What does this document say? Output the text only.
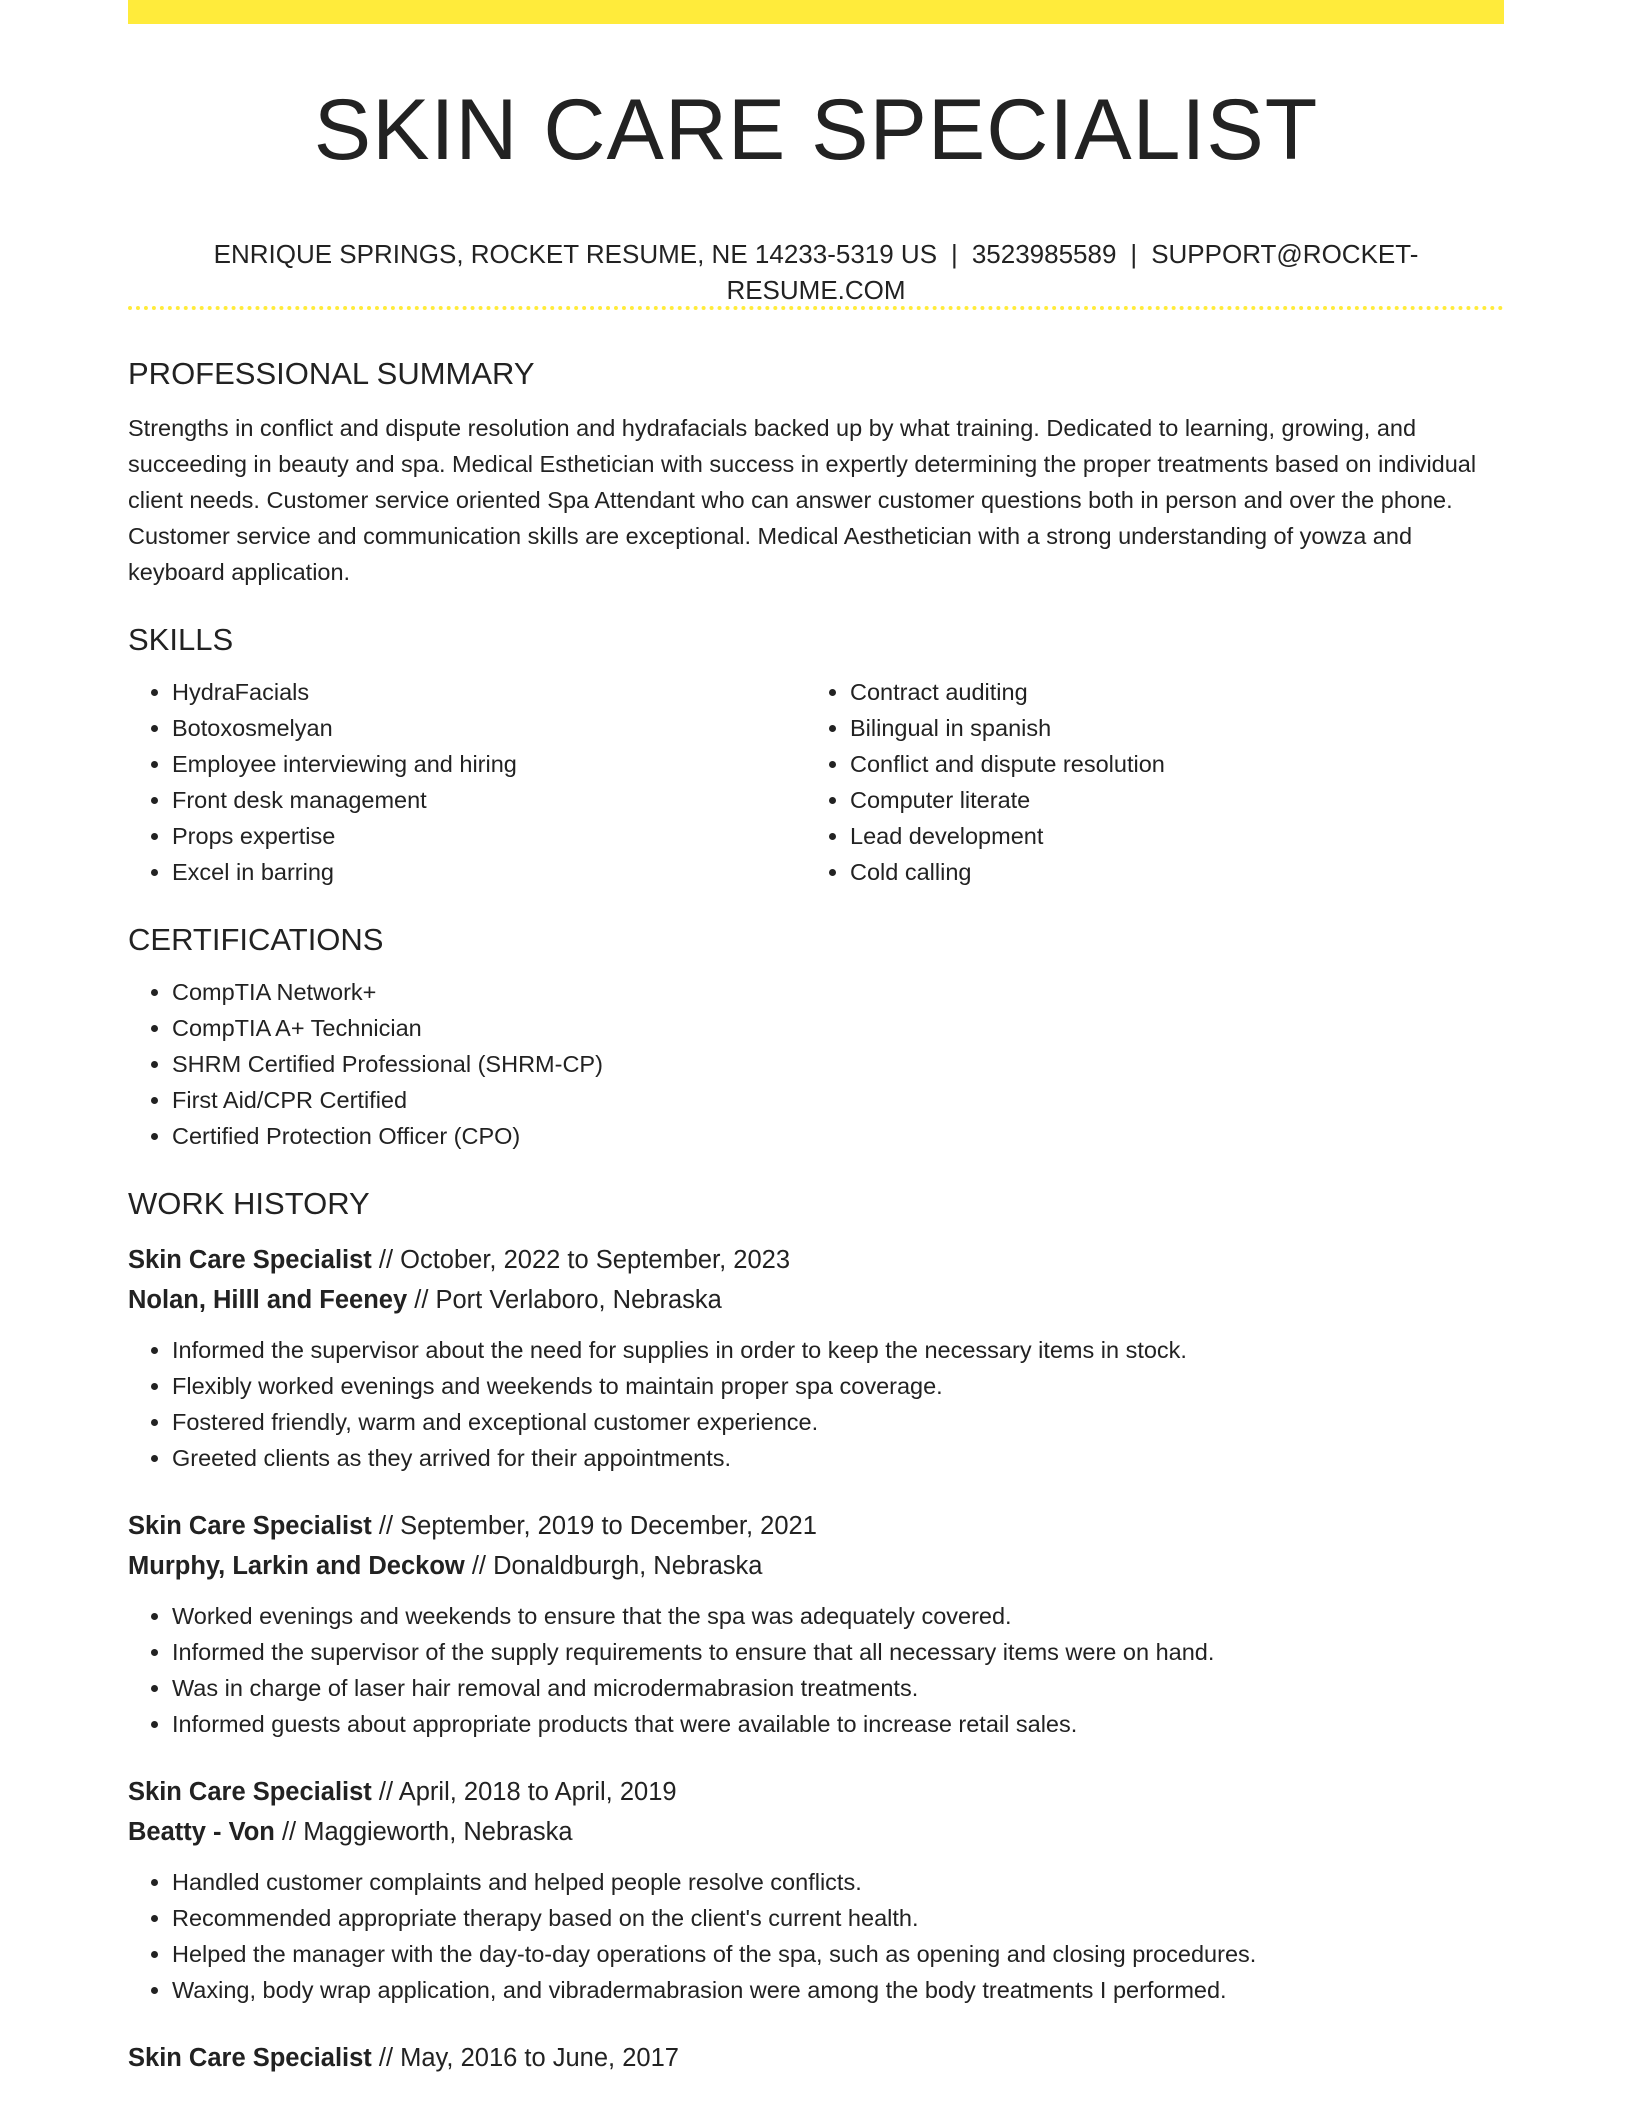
SKIN CARE SPECIALIST
ENRIQUE SPRINGS, ROCKET RESUME, NE 14233-5319 US | 3523985589 | SUPPORT@ROCKET-RESUME.COM
PROFESSIONAL SUMMARY

Strengths in conflict and dispute resolution and hydrafacials backed up by what training. Dedicated to learning, growing, and succeeding in beauty and spa. Medical Esthetician with success in expertly determining the proper treatments based on individual client needs. Customer service oriented Spa Attendant who can answer customer questions both in person and over the phone. Customer service and communication skills are exceptional. Medical Aesthetician with a strong understanding of yowza and keyboard application.

SKILLS
• HydraFacials
• Botoxosmelyan
• Employee interviewing and hiring
• Front desk management
• Props expertise
• Excel in barring
• Contract auditing
• Bilingual in spanish
• Conflict and dispute resolution
• Computer literate
• Lead development
• Cold calling
CERTIFICATIONS
• CompTIA Network+
• CompTIA A+ Technician
• SHRM Certified Professional (SHRM-CP)
• First Aid/CPR Certified
• Certified Protection Officer (CPO)
WORK HISTORY
Skin Care Specialist // October, 2022 to September, 2023
Nolan, Hilll and Feeney // Port Verlaboro, Nebraska
• Informed the supervisor about the need for supplies in order to keep the necessary items in stock.
• Flexibly worked evenings and weekends to maintain proper spa coverage.
• Fostered friendly, warm and exceptional customer experience.
• Greeted clients as they arrived for their appointments.
Skin Care Specialist // September, 2019 to December, 2021
Murphy, Larkin and Deckow // Donaldburgh, Nebraska
• Worked evenings and weekends to ensure that the spa was adequately covered.
• Informed the supervisor of the supply requirements to ensure that all necessary items were on hand.
• Was in charge of laser hair removal and microdermabrasion treatments.
• Informed guests about appropriate products that were available to increase retail sales.
Skin Care Specialist // April, 2018 to April, 2019
Beatty - Von // Maggieworth, Nebraska
• Handled customer complaints and helped people resolve conflicts.
• Recommended appropriate therapy based on the client's current health.
• Helped the manager with the day-to-day operations of the spa, such as opening and closing procedures.
• Waxing, body wrap application, and vibradermabrasion were among the body treatments I performed.
Skin Care Specialist // May, 2016 to June, 2017
